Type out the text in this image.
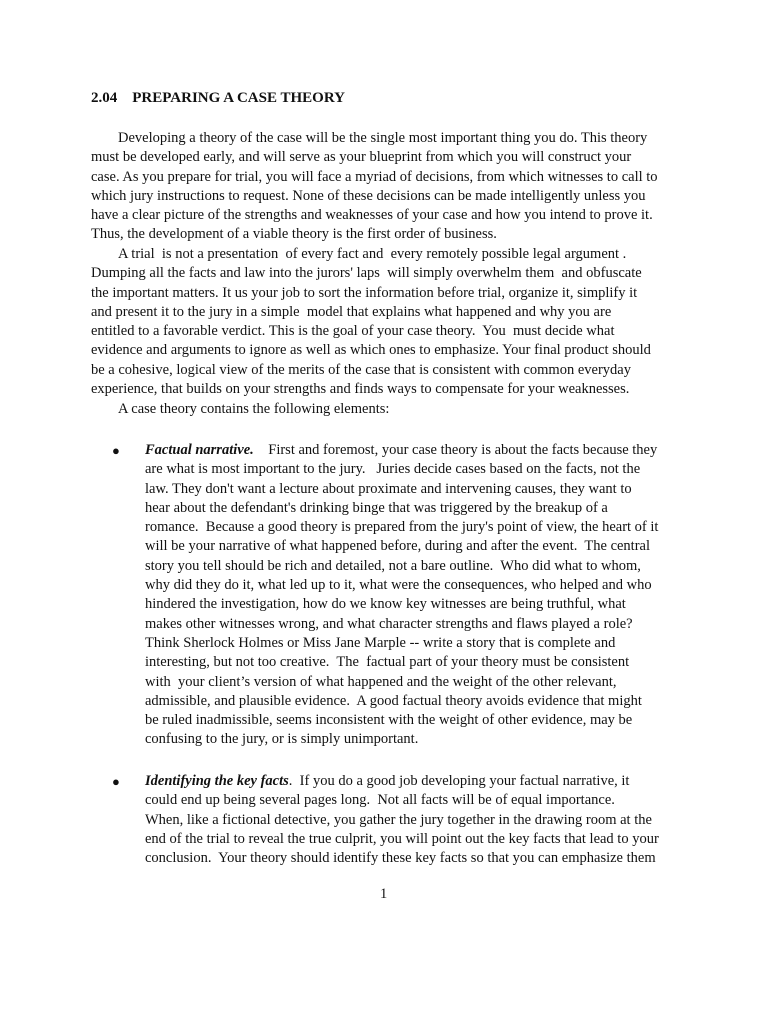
2.04    PREPARING A CASE THEORY
Developing a theory of the case will be the single most important thing you do. This theory
must be developed early, and will serve as your blueprint from which you will construct your
case. As you prepare for trial, you will face a myriad of decisions, from which witnesses to call to
which jury instructions to request. None of these decisions can be made intelligently unless you
have a clear picture of the strengths and weaknesses of your case and how you intend to prove it.
Thus, the development of a viable theory is the first order of business.
A trial  is not a presentation  of every fact and  every remotely possible legal argument .
Dumping all the facts and law into the jurors' laps  will simply overwhelm them  and obfuscate
the important matters. It us your job to sort the information before trial, organize it, simplify it
and present it to the jury in a simple  model that explains what happened and why you are
entitled to a favorable verdict. This is the goal of your case theory.  You  must decide what
evidence and arguments to ignore as well as which ones to emphasize. Your final product should
be a cohesive, logical view of the merits of the case that is consistent with common everyday
experience, that builds on your strengths and finds ways to compensate for your weaknesses.
A case theory contains the following elements:
● Factual narrative.    First and foremost, your case theory is about the facts because they
are what is most important to the jury.   Juries decide cases based on the facts, not the
law. They don't want a lecture about proximate and intervening causes, they want to
hear about the defendant's drinking binge that was triggered by the breakup of a
romance.  Because a good theory is prepared from the jury's point of view, the heart of it
will be your narrative of what happened before, during and after the event.  The central
story you tell should be rich and detailed, not a bare outline.  Who did what to whom,
why did they do it, what led up to it, what were the consequences, who helped and who
hindered the investigation, how do we know key witnesses are being truthful, what
makes other witnesses wrong, and what character strengths and flaws played a role?
Think Sherlock Holmes or Miss Jane Marple -- write a story that is complete and
interesting, but not too creative.  The  factual part of your theory must be consistent
with  your client’s version of what happened and the weight of the other relevant,
admissible, and plausible evidence.  A good factual theory avoids evidence that might
be ruled inadmissible, seems inconsistent with the weight of other evidence, may be
confusing to the jury, or is simply unimportant.
● Identifying the key facts.  If you do a good job developing your factual narrative, it
could end up being several pages long.  Not all facts will be of equal importance.
When, like a fictional detective, you gather the jury together in the drawing room at the
end of the trial to reveal the true culprit, you will point out the key facts that lead to your
conclusion.  Your theory should identify these key facts so that you can emphasize them
1
